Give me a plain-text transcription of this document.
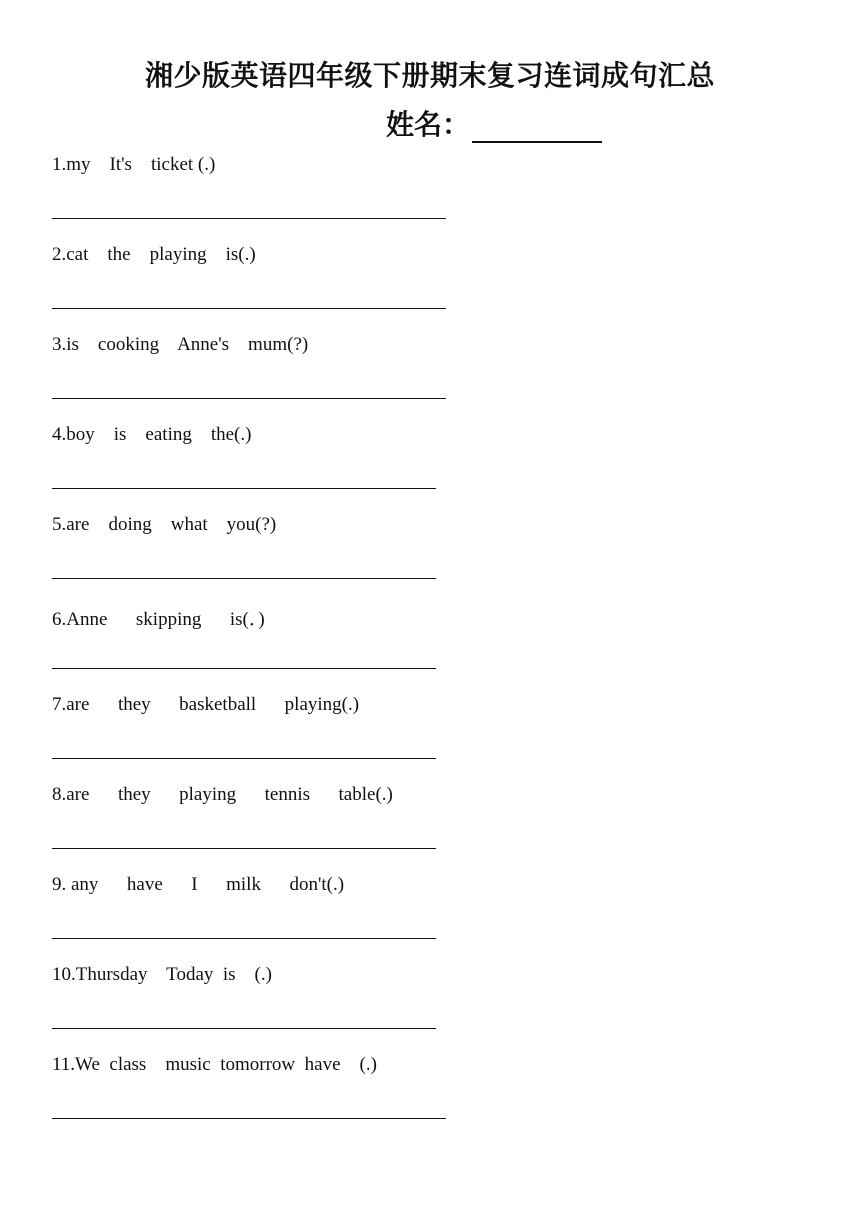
湘少版英语四年级下册期末复习连词成句汇总
姓名：
1.my    It's    ticket (.)
2.cat    the    playing    is(.)
3.is    cooking    Anne's    mum(?)
4.boy    is    eating    the(.)
5.are    doing    what    you(?)
6.Anne      skipping      is(．)
7.are      they      basketball      playing(.)
8.are      they      playing      tennis      table(.)
9. any      have      I      milk      don't(.)
10.Thursday    Today  is    (.)
11.We  class    music  tomorrow  have    (.)
